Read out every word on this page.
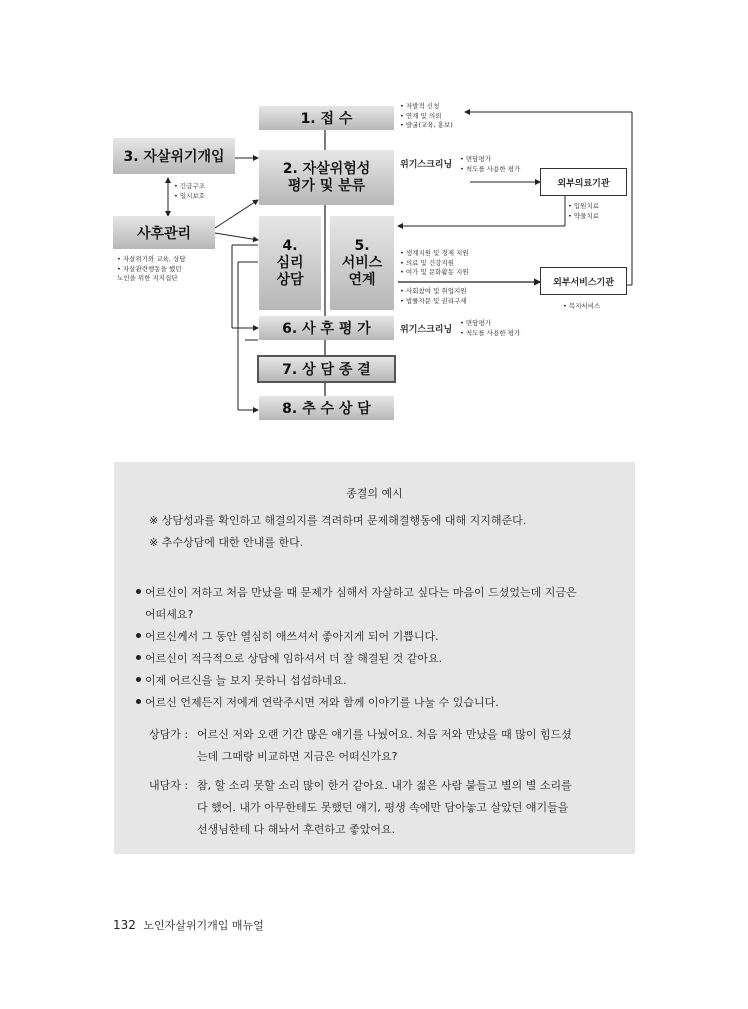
1. 접 수
• 자발적 신청
• 연계 및 의뢰
• 발굴(교육, 홍보)
3. 자살위기개입
• 긴급구조
• 일시보호
2. 자살위험성
평가 및 분류
위기스크리닝
• 면담평가
• 척도를 사용한 평가
외부의료기관
• 입원치료
• 약물치료
사후관리
• 자살위기와 교육, 상담
• 자살관련행동을 했던
노인을 위한 지지집단
4.
심리
상담
5.
서비스
연계
• 생계지원 및 경제 지원
• 의료 및 건강지원
• 여가 및 문화활동 지원
• 사회참여 및 취업지원
• 법률자문 및 권리구제
외부서비스기관
• 복지서비스
6. 사 후 평 가	위기스크리닝
• 면담평가
• 척도를 사용한 평가
7. 상 담 종 결
8. 추 수 상 담
종결의 예시
※ 상담성과를 확인하고 해결의지를 격려하며 문제해결행동에 대해 지지해준다.
※ 추수상담에 대한 안내를 한다.
어르신이 저하고 처음 만났을 때 문제가 심해서 자살하고 싶다는 마음이 드셨었는데 지금은
어떠세요?
어르신께서 그 동안 열심히 애쓰셔서 좋아지게 되어 기쁩니다.
어르신이 적극적으로 상담에 임하셔서 더 잘 해결된 것 같아요.
이제 어르신을 늘 보지 못하니 섭섭하네요.
어르신 언제든지 저에게 연락주시면 저와 함께 이야기를 나눌 수 있습니다.
상담가 : 어르신 저와 오랜 기간 많은 얘기를 나눴어요. 처음 저와 만났을 때 많이 힘드셨
는데 그때랑 비교하면 지금은 어떠신가요?
내담자 : 참, 할 소리 못할 소리 많이 한거 같아요. 내가 젊은 사람 붙들고 별의 별 소리를
다 했어. 내가 아무한테도 못했던 얘기, 평생 속에만 담아놓고 살았던 얘기들을
선생님한테 다 해놔서 후련하고 좋았어요.
132 노인자살위기개입 매뉴얼
